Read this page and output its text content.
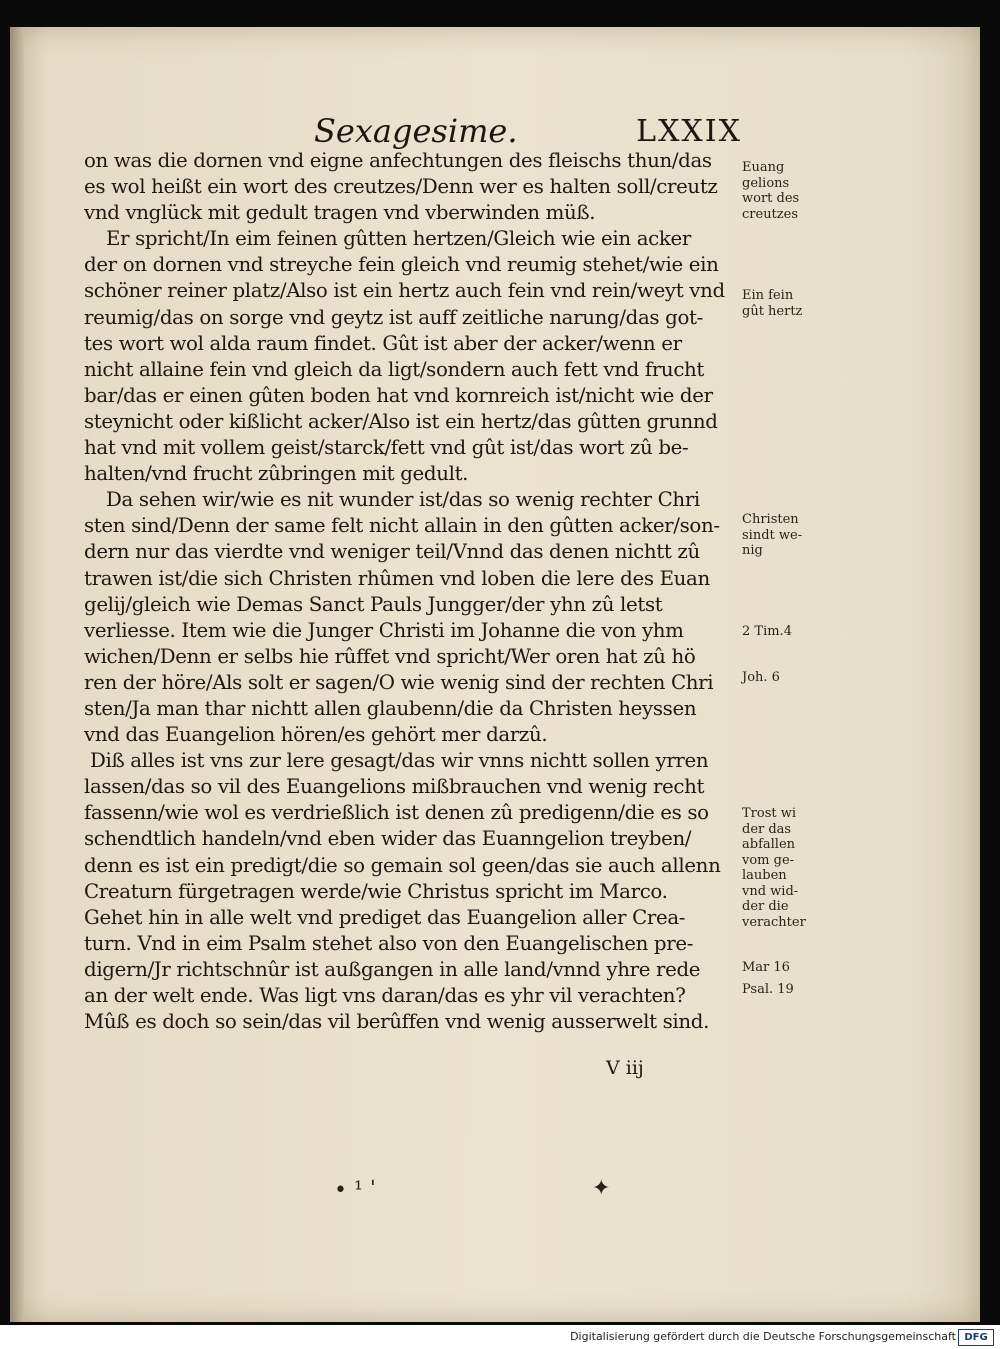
Sexagesime.	LXXIX
on was die dornen vnd eigne anfechtungen des fleischs thun/das
es wol heißt ein wort des creutzes/Denn wer es halten soll/creutz
vnd vnglück mit gedult tragen vnd vberwinden müß.
Er spricht/In eim feinen gûtten hertzen/Gleich wie ein acker
der on dornen vnd streyche fein gleich vnd reumig stehet/wie ein
schöner reiner platz/Also ist ein hertz auch fein vnd rein/weyt vnd
reumig/das on sorge vnd geytz ist auff zeitliche narung/das got-
tes wort wol alda raum findet. Gût ist aber der acker/wenn er
nicht allaine fein vnd gleich da ligt/sondern auch fett vnd frucht
bar/das er einen gûten boden hat vnd kornreich ist/nicht wie der
steynicht oder kißlicht acker/Also ist ein hertz/das gûtten grunnd
hat vnd mit vollem geist/starck/fett vnd gût ist/das wort zû be-
halten/vnd frucht zûbringen mit gedult.
Da sehen wir/wie es nit wunder ist/das so wenig rechter Chri
sten sind/Denn der same felt nicht allain in den gûtten acker/son-
dern nur das vierdte vnd weniger teil/Vnnd das denen nichtt zû
trawen ist/die sich Christen rhûmen vnd loben die lere des Euan
gelij/gleich wie Demas Sanct Pauls Jungger/der yhn zû letst
verliesse. Item wie die Junger Christi im Johanne die von yhm
wichen/Denn er selbs hie rûffet vnd spricht/Wer oren hat zû hö
ren der höre/Als solt er sagen/O wie wenig sind der rechten Chri
sten/Ja man thar nichtt allen glaubenn/die da Christen heyssen
vnd das Euangelion hören/es gehört mer darzû.
Diß alles ist vns zur lere gesagt/das wir vnns nichtt sollen yrren
lassen/das so vil des Euangelions mißbrauchen vnd wenig recht
fassenn/wie wol es verdrießlich ist denen zû predigenn/die es so
schendtlich handeln/vnd eben wider das Euanngelion treyben/
denn es ist ein predigt/die so gemain sol geen/das sie auch allenn
Creaturn fürgetragen werde/wie Christus spricht im Marco.
Gehet hin in alle welt vnd prediget das Euangelion aller Crea-
turn. Vnd in eim Psalm stehet also von den Euangelischen pre-
digern/Jr richtschnûr ist außgangen in alle land/vnnd yhre rede
an der welt ende. Was ligt vns daran/das es yhr vil verachten?
Mûß es doch so sein/das vil berûffen vnd wenig ausserwelt sind.
Euang
gelions
wort des
creutzes
Ein fein
gût hertz
Christen
sindt we-
nig
2 Tim.4
Joh. 6
Trost wi
der das
abfallen
vom ge-
lauben
vnd wid-
der die
verachter
Mar 16
Psal. 19
V iij
• ¹ ˈ	✦
Digitalisierung gefördert durch die Deutsche Forschungsgemeinschaft DFG
